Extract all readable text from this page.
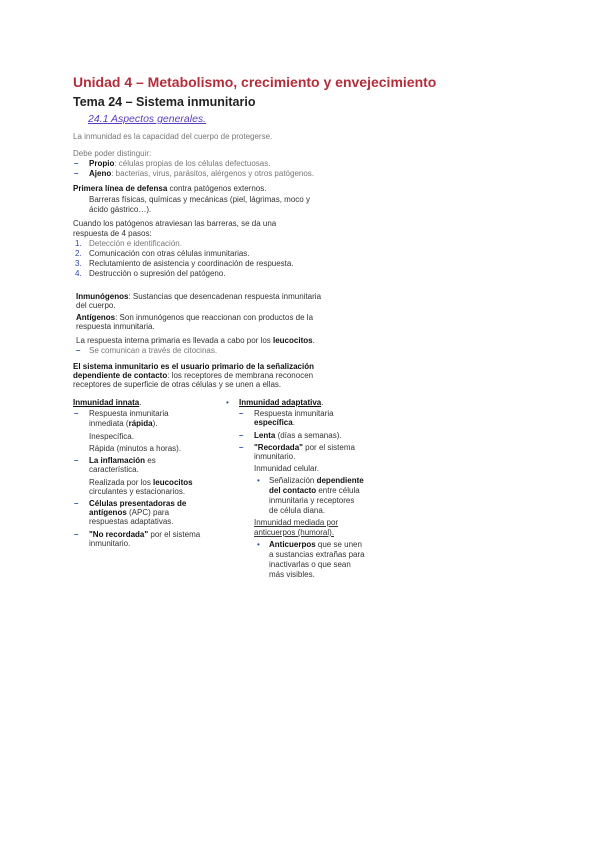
Unidad 4 – Metabolismo, crecimiento y envejecimiento
Tema 24 – Sistema inmunitario
24.1 Aspectos generales.
La inmunidad es la capacidad del cuerpo de protegerse.
Debe poder distinguir:
– Propio: células propias de los células defectuosas.
– Ajeno: bacterias, virus, parásitos, alérgenos y otros patógenos.
Primera línea de defensa contra patógenos externos.
Barreras físicas, químicas y mecánicas (piel, lágrimas, moco y
ácido gástrico…).
Cuando los patógenos atraviesan las barreras, se da una
respuesta de 4 pasos:
1. Detección e identificación.
2. Comunicación con otras células inmunitarias.
3. Reclutamiento de asistencia y coordinación de respuesta.
4. Destrucción o supresión del patógeno.
Inmunógenos: Sustancias que desencadenan respuesta inmunitaria
del cuerpo.
Antígenos: Son inmunógenos que reaccionan con productos de la
respuesta inmunitaria.
La respuesta interna primaria es llevada a cabo por los leucocitos.
– Se comunican a través de citocinas.
El sistema inmunitario es el usuario primario de la señalización
dependiente de contacto: los receptores de membrana reconocen
receptores de superficie de otras células y se unen a ellas.
Inmunidad innata.
– Respuesta inmunitaria
inmediata (rápida).
Inespecífica.
Rápida (minutos a horas).
– La inflamación es
característica.
Realizada por los leucocitos
circulantes y estacionarios.
– Células presentadoras de
antígenos (APC) para
respuestas adaptativas.
– "No recordada" por el sistema
inmunitario.
• Inmunidad adaptativa.
– Respuesta inmunitaria
específica.
– Lenta (días a semanas).
– "Recordada" por el sistema
inmunitario.
Inmunidad celular.
• Señalización dependiente
del contacto entre célula
inmunitaria y receptores
de célula diana.
Inmunidad mediada por
anticuerpos (humoral).
• Anticuerpos que se unen
a sustancias extrañas para
inactivarlas o que sean
más visibles.
